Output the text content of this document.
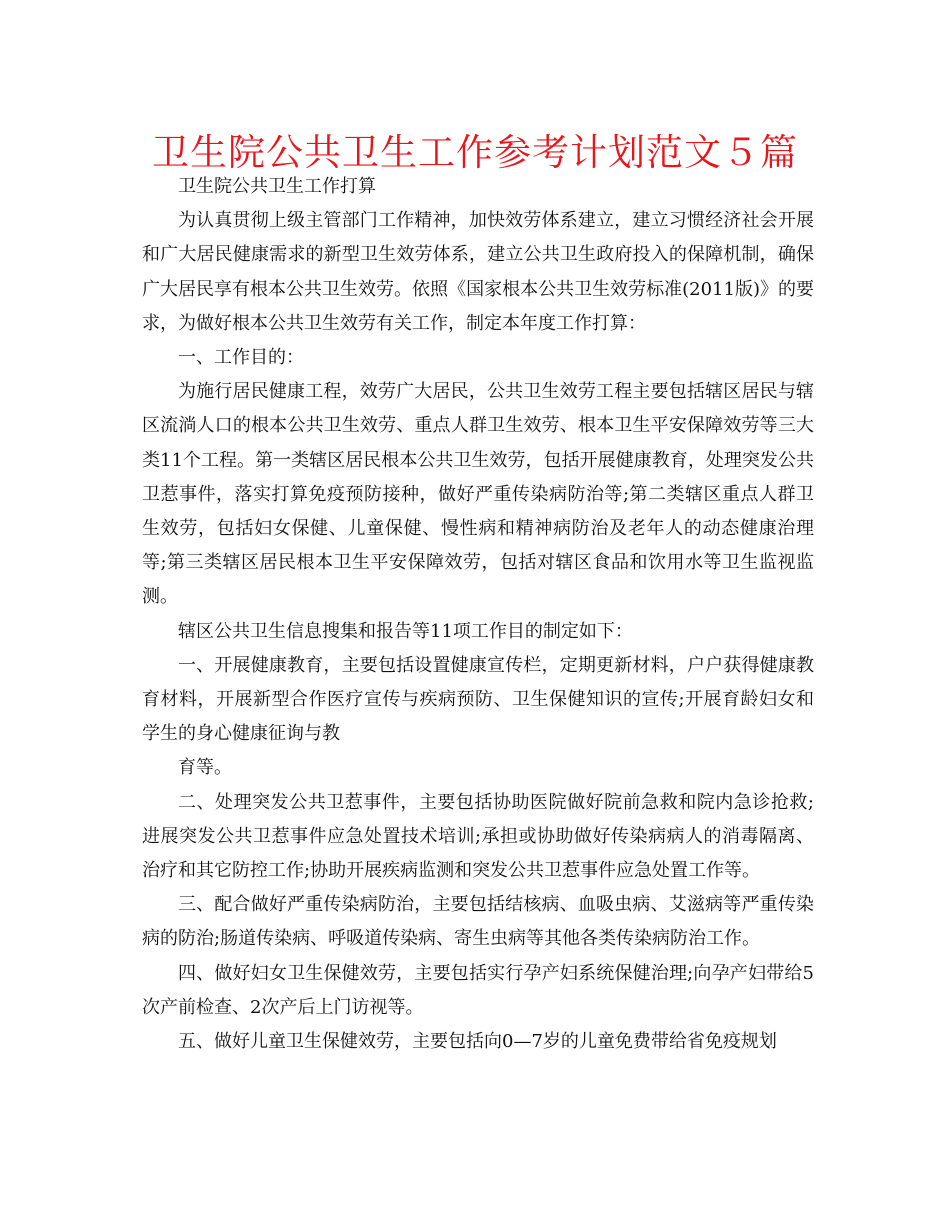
卫生院公共卫生工作参考计划范文５篇

卫生院公共卫生工作打算

为认真贯彻上级主管部门工作精神，加快效劳体系建立，建立习惯经济社会开展和广大居民健康需求的新型卫生效劳体系，建立公共卫生政府投入的保障机制，确保广大居民享有根本公共卫生效劳。依照《国家根本公共卫生效劳标准(2011版)》的要求，为做好根本公共卫生效劳有关工作，制定本年度工作打算：

一、工作目的：

为施行居民健康工程，效劳广大居民，公共卫生效劳工程主要包括辖区居民与辖区流淌人口的根本公共卫生效劳、重点人群卫生效劳、根本卫生平安保障效劳等三大类11个工程。第一类辖区居民根本公共卫生效劳，包括开展健康教育，处理突发公共卫惹事件，落实打算免疫预防接种，做好严重传染病防治等;第二类辖区重点人群卫生效劳，包括妇女保健、儿童保健、慢性病和精神病防治及老年人的动态健康治理等;第三类辖区居民根本卫生平安保障效劳，包括对辖区食品和饮用水等卫生监视监测。

辖区公共卫生信息搜集和报告等11项工作目的制定如下：

一、开展健康教育，主要包括设置健康宣传栏，定期更新材料，户户获得健康教育材料，开展新型合作医疗宣传与疾病预防、卫生保健知识的宣传;开展育龄妇女和学生的身心健康征询与教

育等。

二、处理突发公共卫惹事件，主要包括协助医院做好院前急救和院内急诊抢救;进展突发公共卫惹事件应急处置技术培训;承担或协助做好传染病病人的消毒隔离、治疗和其它防控工作;协助开展疾病监测和突发公共卫惹事件应急处置工作等。

三、配合做好严重传染病防治，主要包括结核病、血吸虫病、艾滋病等严重传染病的防治;肠道传染病、呼吸道传染病、寄生虫病等其他各类传染病防治工作。

四、做好妇女卫生保健效劳，主要包括实行孕产妇系统保健治理;向孕产妇带给5次产前检查、2次产后上门访视等。

五、做好儿童卫生保健效劳，主要包括向0—7岁的儿童免费带给省免疫规划
